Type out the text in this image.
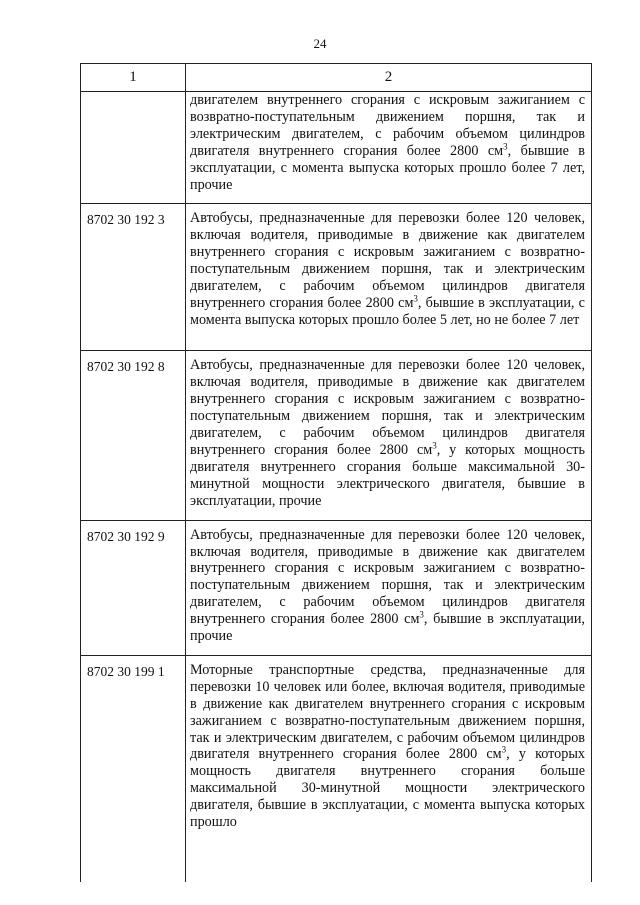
24
1	2

	двигателем внутреннего сгорания с искровым зажиганием с возвратно-поступательным движением поршня, так и электрическим двигателем, с рабочим объемом цилиндров двигателя внутреннего сгорания более 2800 $см^3$, бывшие в эксплуатации, с момента выпуска которых прошло более 7 лет, прочие

8702 30 192 3	Автобусы, предназначенные для перевозки более 120 человек, включая водителя, приводимые в движение как двигателем внутреннего сгорания с искровым зажиганием с возвратно-поступательным движением поршня, так и электрическим двигателем, с рабочим объемом цилиндров двигателя внутреннего сгорания более 2800 $см^3$, бывшие в эксплуатации, с момента выпуска которых прошло более 5 лет, но не более 7 лет

8702 30 192 8	Автобусы, предназначенные для перевозки более 120 человек, включая водителя, приводимые в движение как двигателем внутреннего сгорания с искровым зажиганием с возвратно-поступательным движением поршня, так и электрическим двигателем, с рабочим объемом цилиндров двигателя внутреннего сгорания более 2800 $см^3$, у которых мощность двигателя внутреннего сгорания больше максимальной 30-минутной мощности электрического двигателя, бывшие в эксплуатации, прочие

8702 30 192 9	Автобусы, предназначенные для перевозки более 120 человек, включая водителя, приводимые в движение как двигателем внутреннего сгорания с искровым зажиганием с возвратно-поступательным движением поршня, так и электрическим двигателем, с рабочим объемом цилиндров двигателя внутреннего сгорания более 2800 $см^3$, бывшие в эксплуатации, прочие

8702 30 199 1	Моторные транспортные средства, предназначенные для перевозки 10 человек или более, включая водителя, приводимые в движение как двигателем внутреннего сгорания с искровым зажиганием с возвратно-поступательным движением поршня, так и электрическим двигателем, с рабочим объемом цилиндров двигателя внутреннего сгорания более 2800 $см^3$, у которых мощность двигателя внутреннего сгорания больше максимальной 30-минутной мощности электрического двигателя, бывшие в эксплуатации, с момента выпуска которых прошло
